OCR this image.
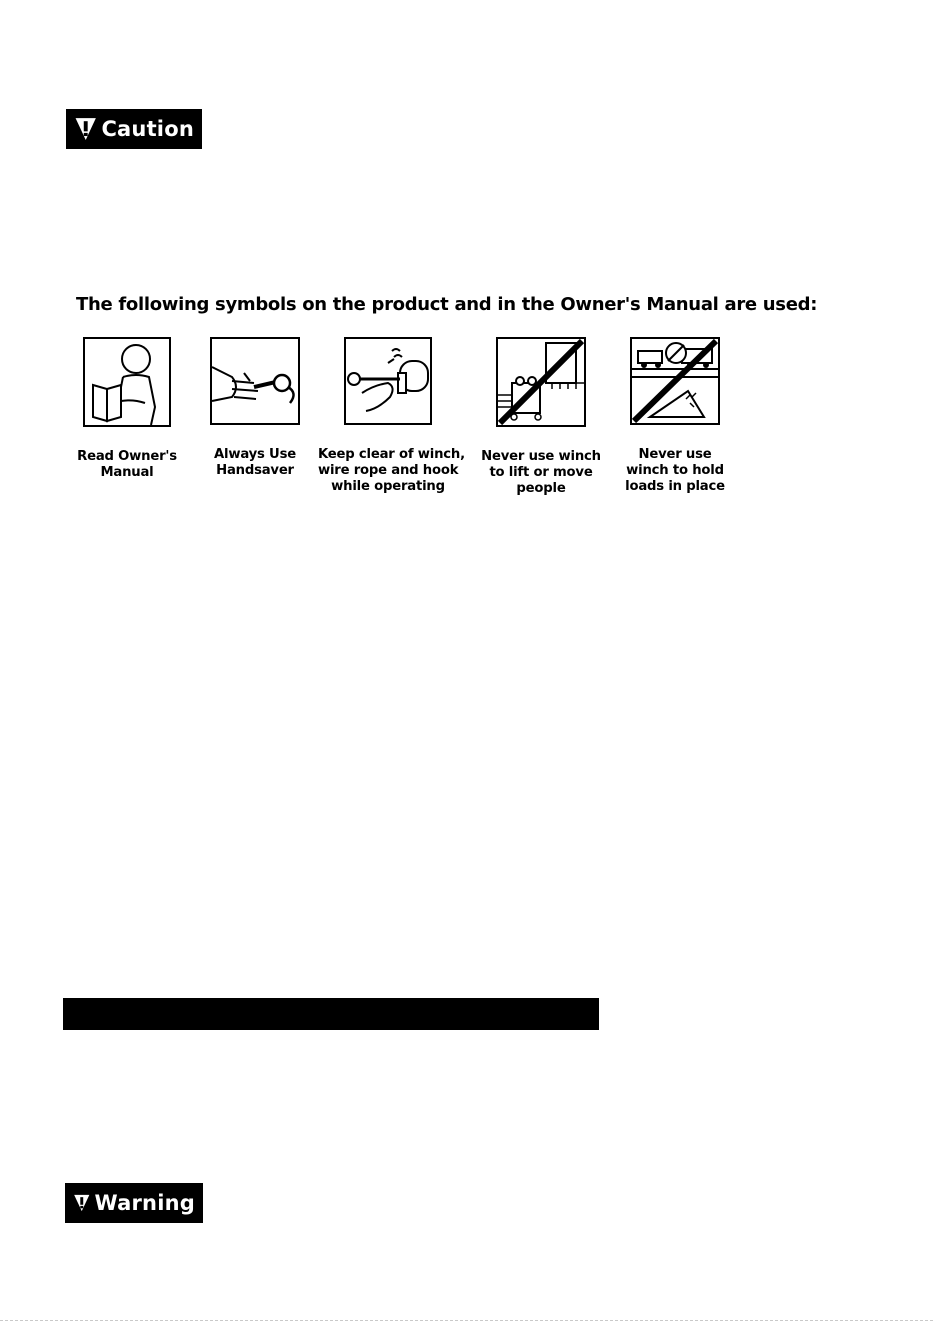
Caution
The following symbols on the product and in the Owner's Manual are used:
Read Owner's
Manual
Always Use
Handsaver
Keep clear of winch,
wire rope and hook
while operating
Never use winch
to lift or move
people
Never use
winch to hold
loads in place
Warning
